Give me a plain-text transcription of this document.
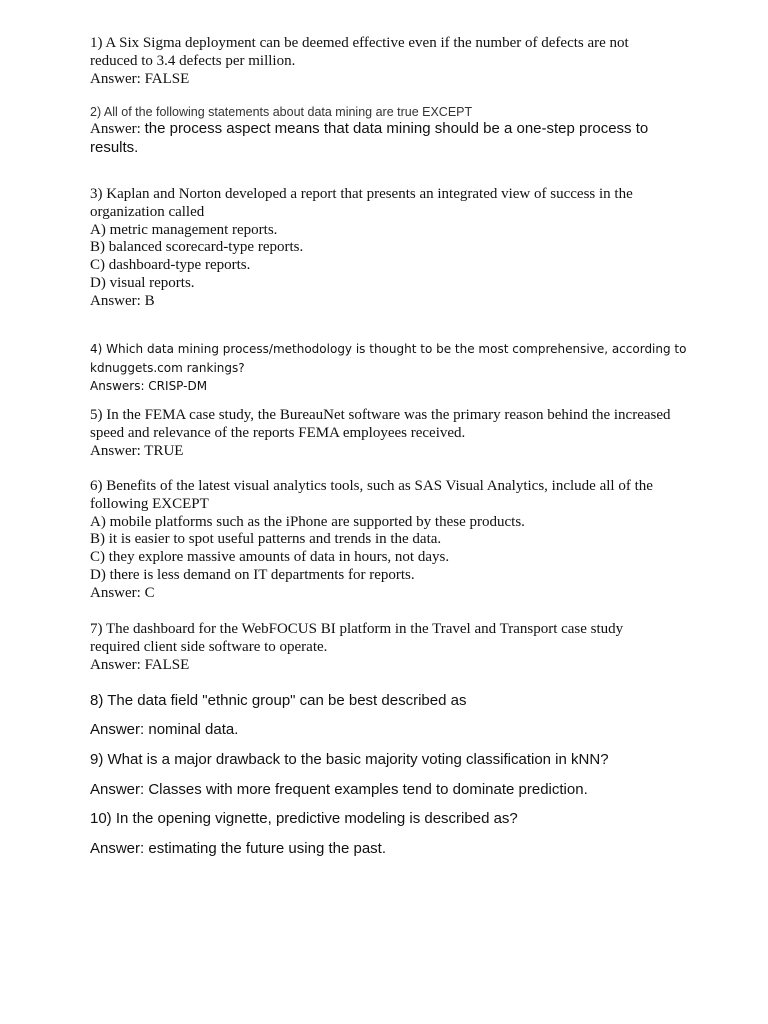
1) A Six Sigma deployment can be deemed effective even if the number of defects are not
reduced to 3.4 defects per million.
Answer: FALSE
2) All of the following statements about data mining are true EXCEPT
Answer: the process aspect means that data mining should be a one-step process to results.
3) Kaplan and Norton developed a report that presents an integrated view of success in the
organization called
A) metric management reports.
B) balanced scorecard-type reports.
C) dashboard-type reports.
D) visual reports.
Answer: B
4) Which data mining process/methodology is thought to be the most comprehensive, according to
kdnuggets.com rankings?
Answers: CRISP-DM
5) In the FEMA case study, the BureauNet software was the primary reason behind the increased
speed and relevance of the reports FEMA employees received.
Answer: TRUE
6) Benefits of the latest visual analytics tools, such as SAS Visual Analytics, include all of the
following EXCEPT
A) mobile platforms such as the iPhone are supported by these products.
B) it is easier to spot useful patterns and trends in the data.
C) they explore massive amounts of data in hours, not days.
D) there is less demand on IT departments for reports.
Answer: C
7) The dashboard for the WebFOCUS BI platform in the Travel and Transport case study
required client side software to operate.
Answer: FALSE
8) The data field "ethnic group" can be best described as
Answer: nominal data.
9) What is a major drawback to the basic majority voting classification in kNN?
Answer: Classes with more frequent examples tend to dominate prediction.
10) In the opening vignette, predictive modeling is described as?
Answer: estimating the future using the past.
